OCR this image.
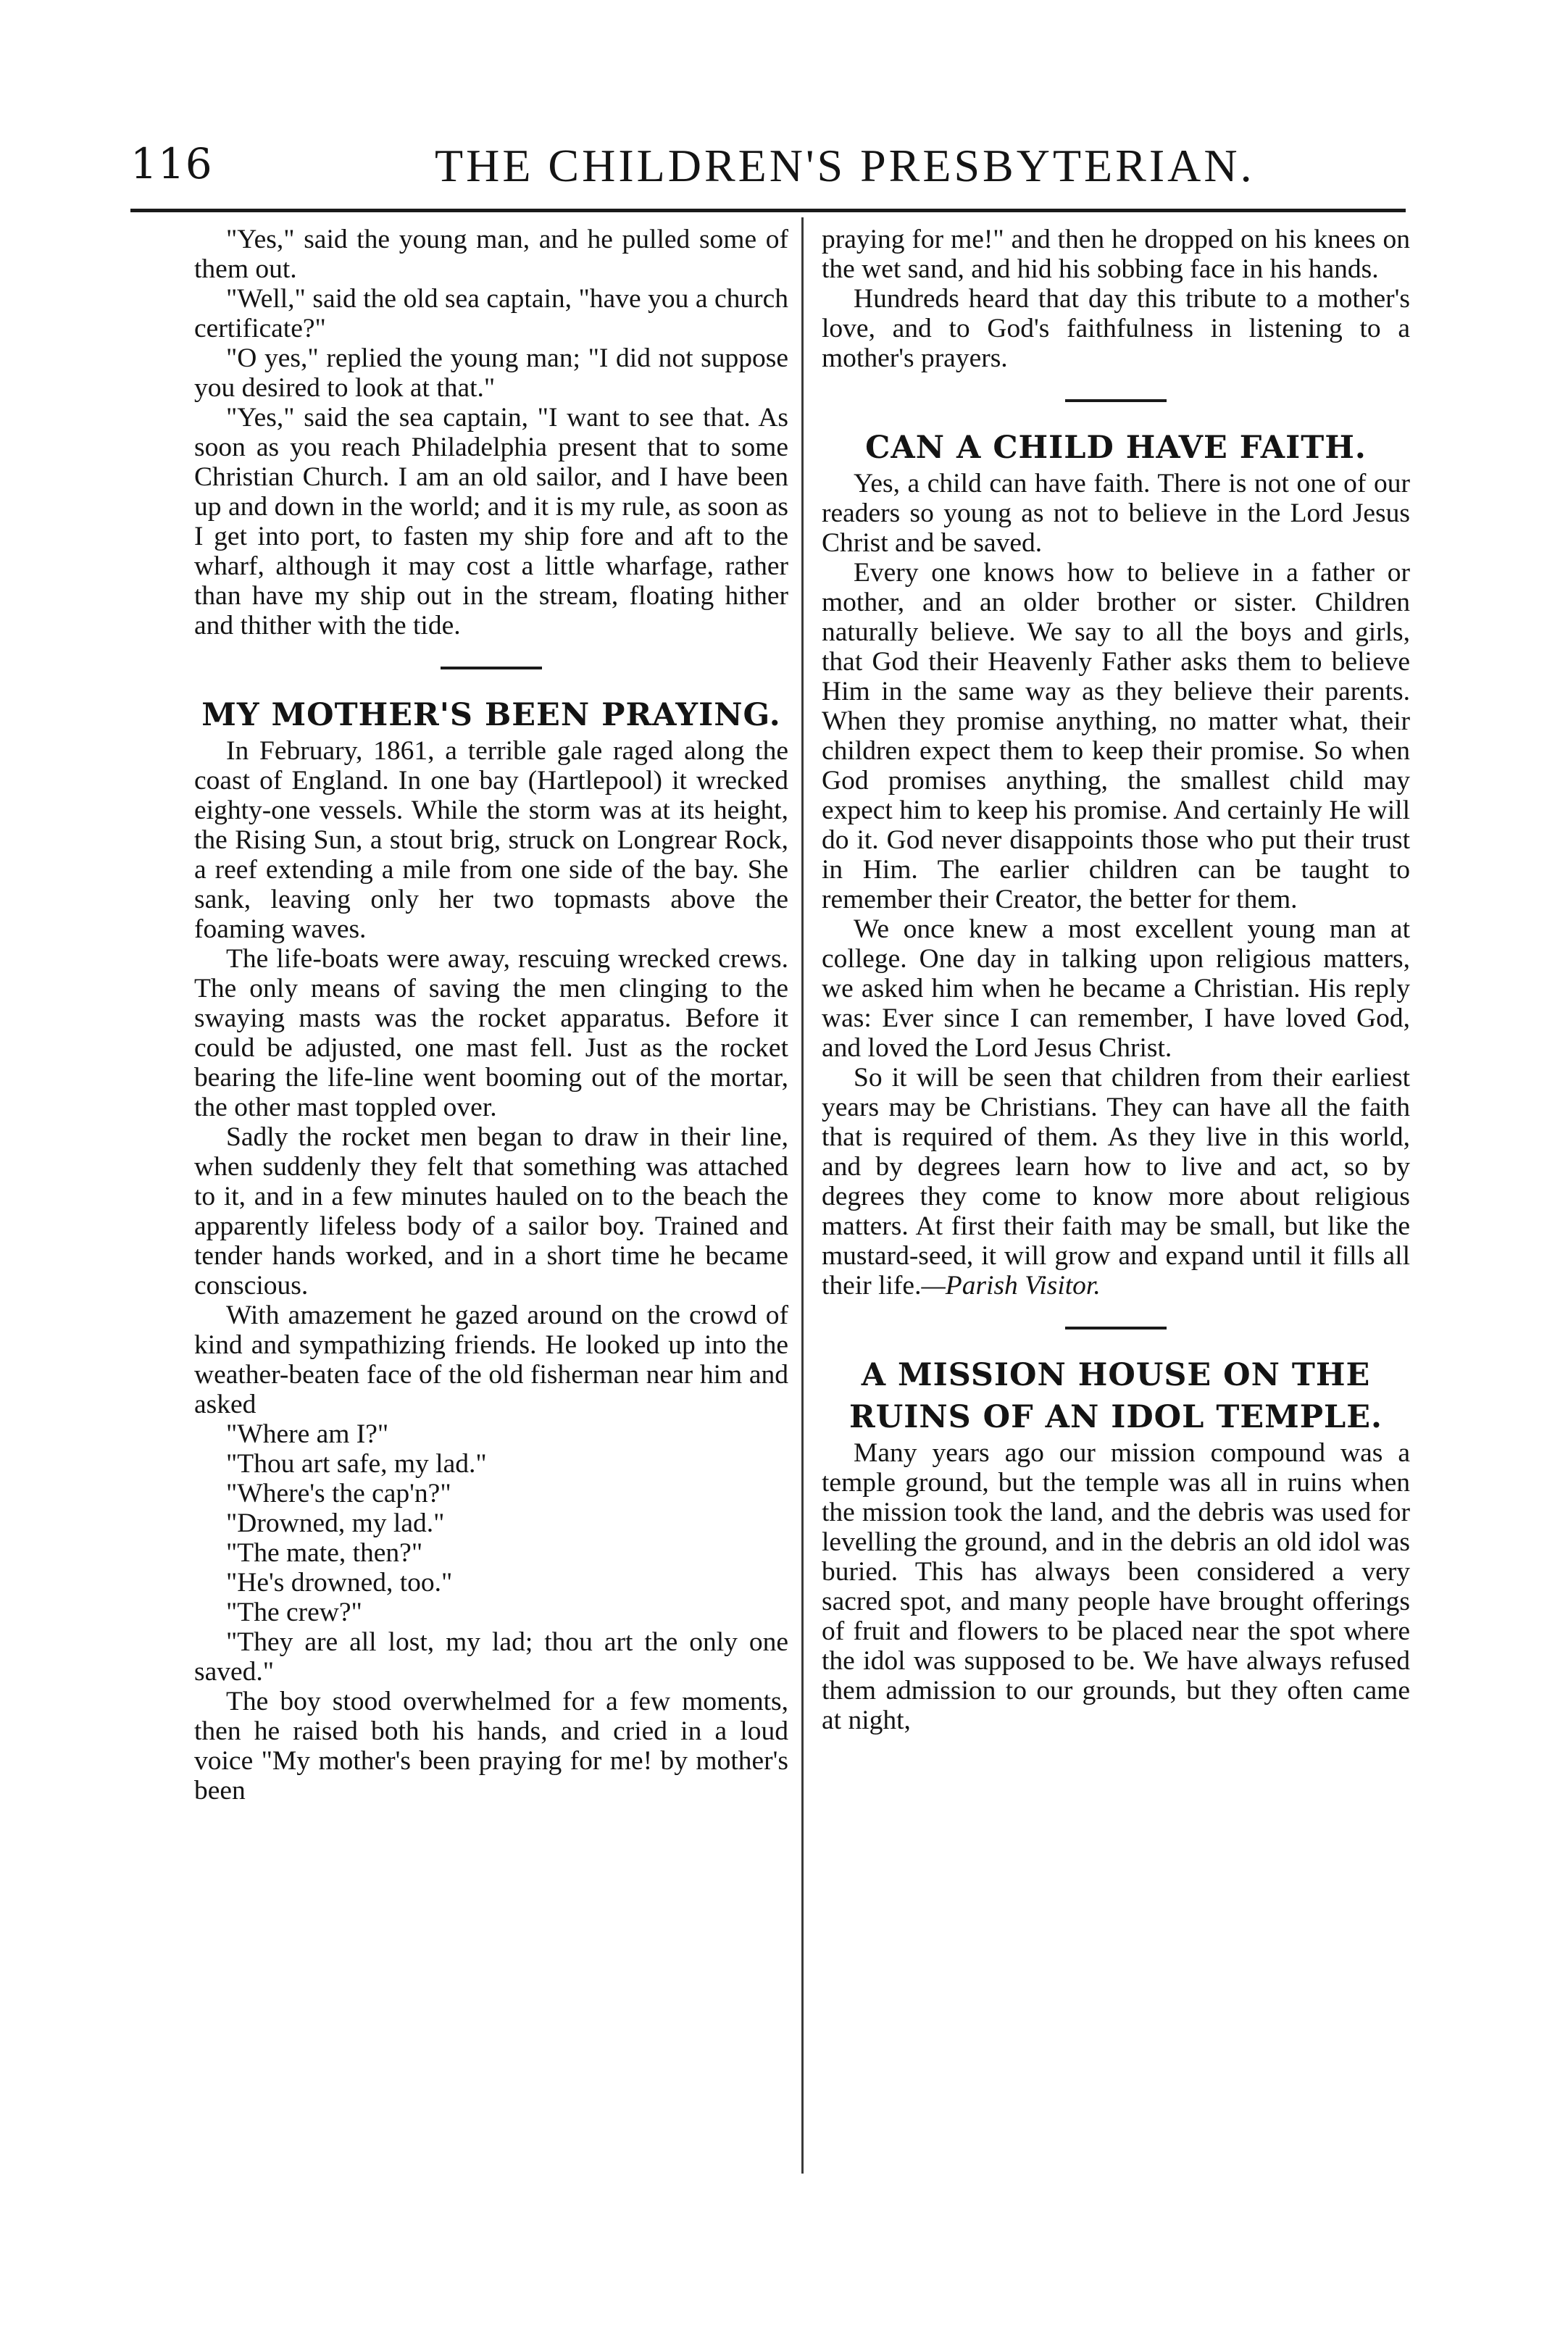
116	THE CHILDREN'S PRESBYTERIAN.

"Yes," said the young man, and he pulled some of them out.

"Well," said the old sea captain, "have you a church certificate?"

"O yes," replied the young man; "I did not suppose you desired to look at that."

"Yes," said the sea captain, "I want to see that. As soon as you reach Philadelphia present that to some Christian Church. I am an old sailor, and I have been up and down in the world; and it is my rule, as soon as I get into port, to fasten my ship fore and aft to the wharf, although it may cost a little wharfage, rather than have my ship out in the stream, floating hither and thither with the tide.

MY MOTHER'S BEEN PRAYING.

In February, 1861, a terrible gale raged along the coast of England. In one bay (Hartlepool) it wrecked eighty-one vessels. While the storm was at its height, the Rising Sun, a stout brig, struck on Longrear Rock, a reef extending a mile from one side of the bay. She sank, leaving only her two topmasts above the foaming waves.

The life-boats were away, rescuing wrecked crews. The only means of saving the men clinging to the swaying masts was the rocket apparatus. Before it could be adjusted, one mast fell. Just as the rocket bearing the life-line went booming out of the mortar, the other mast toppled over.

Sadly the rocket men began to draw in their line, when suddenly they felt that something was attached to it, and in a few minutes hauled on to the beach the apparently lifeless body of a sailor boy. Trained and tender hands worked, and in a short time he became conscious.

With amazement he gazed around on the crowd of kind and sympathizing friends. He looked up into the weather-beaten face of the old fisherman near him and asked

"Where am I?"

"Thou art safe, my lad."

"Where's the cap'n?"

"Drowned, my lad."

"The mate, then?"

"He's drowned, too."

"The crew?"

"They are all lost, my lad; thou art the only one saved."

The boy stood overwhelmed for a few moments, then he raised both his hands, and cried in a loud voice "My mother's been praying for me! by mother's been

praying for me!" and then he dropped on his knees on the wet sand, and hid his sobbing face in his hands.

Hundreds heard that day this tribute to a mother's love, and to God's faithfulness in listening to a mother's prayers.

CAN A CHILD HAVE FAITH.

Yes, a child can have faith. There is not one of our readers so young as not to believe in the Lord Jesus Christ and be saved.

Every one knows how to believe in a father or mother, and an older brother or sister. Children naturally believe. We say to all the boys and girls, that God their Heavenly Father asks them to believe Him in the same way as they believe their parents. When they promise anything, no matter what, their children expect them to keep their promise. So when God promises anything, the smallest child may expect him to keep his promise. And certainly He will do it. God never disappoints those who put their trust in Him. The earlier children can be taught to remember their Creator, the better for them.

We once knew a most excellent young man at college. One day in talking upon religious matters, we asked him when he became a Christian. His reply was: Ever since I can remember, I have loved God, and loved the Lord Jesus Christ.

So it will be seen that children from their earliest years may be Christians. They can have all the faith that is required of them. As they live in this world, and by degrees learn how to live and act, so by degrees they come to know more about religious matters. At first their faith may be small, but like the mustard-seed, it will grow and expand until it fills all their life.—Parish Visitor.

A MISSION HOUSE ON THE RUINS OF AN IDOL TEMPLE.

Many years ago our mission compound was a temple ground, but the temple was all in ruins when the mission took the land, and the debris was used for levelling the ground, and in the debris an old idol was buried. This has always been considered a very sacred spot, and many people have brought offerings of fruit and flowers to be placed near the spot where the idol was supposed to be. We have always refused them admission to our grounds, but they often came at night,
